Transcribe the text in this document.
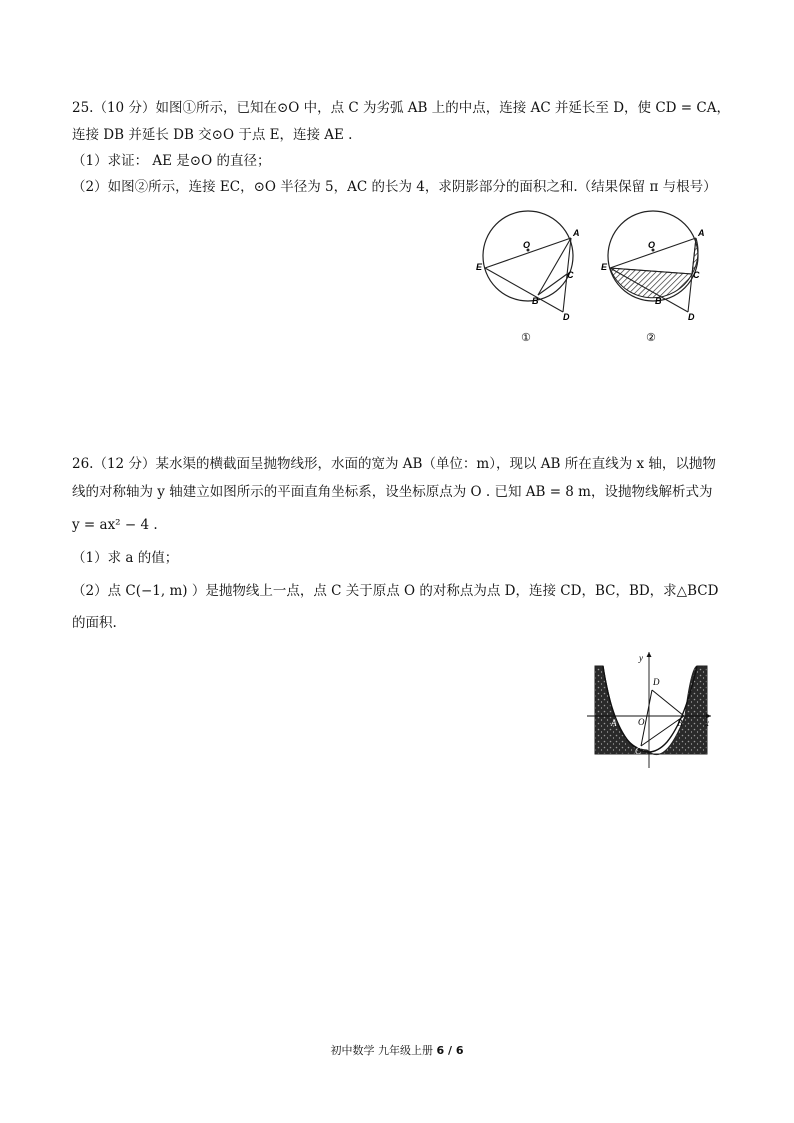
25.（10 分）如图①所示，已知在⊙O 中，点 C 为劣弧 AB 上的中点，连接 AC 并延长至 D，使 CD = CA，
连接 DB 并延长 DB 交⊙O 于点 E，连接 AE .
（1）求证： AE 是⊙O 的直径；
（2）如图②所示，连接 EC，⊙O 半径为 5，AC 的长为 4，求阴影部分的面积之和.（结果保留 π 与根号）
O
A
E
C
B
D
①
O
A
E
C
B
D
②
26.（12 分）某水渠的横截面呈抛物线形，水面的宽为 AB（单位：m），现以 AB 所在直线为 x 轴，以抛物
线的对称轴为 y 轴建立如图所示的平面直角坐标系，设坐标原点为 O . 已知 AB = 8 m，设抛物线解析式为
y = ax² − 4 .
（1）求 a 的值；
（2）点 C(−1, m) ）是抛物线上一点，点 C 关于原点 O 的对称点为点 D，连接 CD，BC，BD，求△BCD
的面积.
y
x
D
A O	B
C
初中数学 九年级上册 6 / 6
